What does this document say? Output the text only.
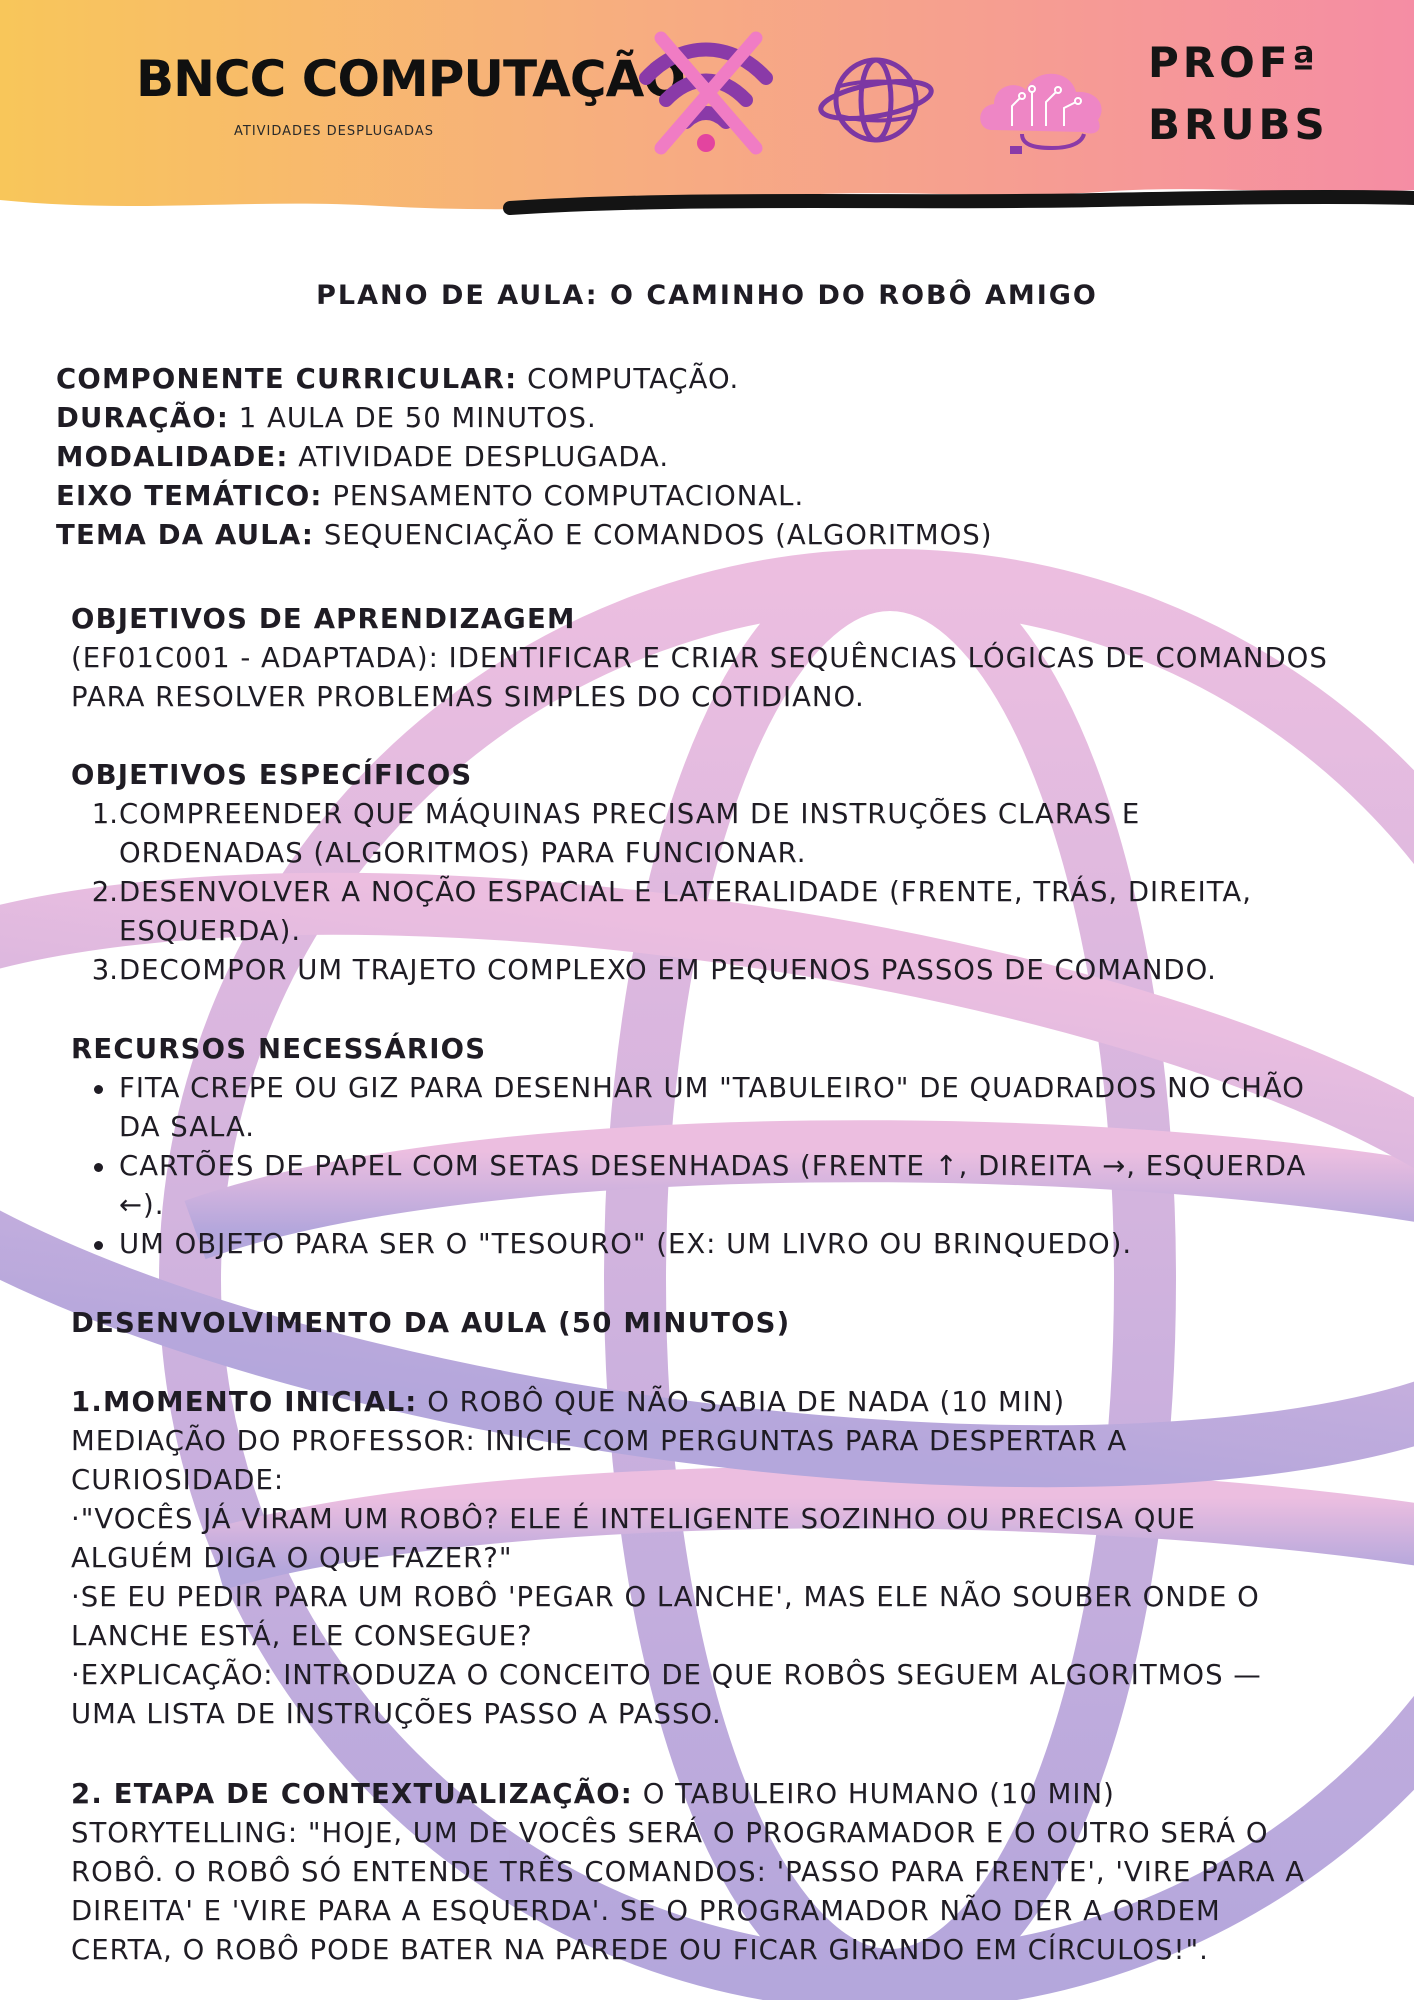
BNCC COMPUTAÇÃO
ATIVIDADES DESPLUGADAS
PROFª
BRUBS
PLANO DE AULA: O CAMINHO DO ROBÔ AMIGO
COMPONENTE CURRICULAR: COMPUTAÇÃO.
DURAÇÃO: 1 AULA DE 50 MINUTOS.
MODALIDADE: ATIVIDADE DESPLUGADA.
EIXO TEMÁTICO: PENSAMENTO COMPUTACIONAL.
TEMA DA AULA: SEQUENCIAÇÃO E COMANDOS (ALGORITMOS)
OBJETIVOS DE APRENDIZAGEM
(EF01C001 - ADAPTADA): IDENTIFICAR E CRIAR SEQUÊNCIAS LÓGICAS DE COMANDOS
PARA RESOLVER PROBLEMAS SIMPLES DO COTIDIANO.
OBJETIVOS ESPECÍFICOS
1. COMPREENDER QUE MÁQUINAS PRECISAM DE INSTRUÇÕES CLARAS E
ORDENADAS (ALGORITMOS) PARA FUNCIONAR.
2. DESENVOLVER A NOÇÃO ESPACIAL E LATERALIDADE (FRENTE, TRÁS, DIREITA,
ESQUERDA).
3. DECOMPOR UM TRAJETO COMPLEXO EM PEQUENOS PASSOS DE COMANDO.
RECURSOS NECESSÁRIOS
FITA CREPE OU GIZ PARA DESENHAR UM "TABULEIRO" DE QUADRADOS NO CHÃO
DA SALA.
CARTÕES DE PAPEL COM SETAS DESENHADAS (FRENTE ↑, DIREITA →, ESQUERDA
←).
UM OBJETO PARA SER O "TESOURO" (EX: UM LIVRO OU BRINQUEDO).
DESENVOLVIMENTO DA AULA (50 MINUTOS)
1.MOMENTO INICIAL: O ROBÔ QUE NÃO SABIA DE NADA (10 MIN)
MEDIAÇÃO DO PROFESSOR: INICIE COM PERGUNTAS PARA DESPERTAR A
CURIOSIDADE:
·"VOCÊS JÁ VIRAM UM ROBÔ? ELE É INTELIGENTE SOZINHO OU PRECISA QUE
ALGUÉM DIGA O QUE FAZER?"
·SE EU PEDIR PARA UM ROBÔ 'PEGAR O LANCHE', MAS ELE NÃO SOUBER ONDE O
LANCHE ESTÁ, ELE CONSEGUE?
·EXPLICAÇÃO: INTRODUZA O CONCEITO DE QUE ROBÔS SEGUEM ALGORITMOS —
UMA LISTA DE INSTRUÇÕES PASSO A PASSO.
2. ETAPA DE CONTEXTUALIZAÇÃO: O TABULEIRO HUMANO (10 MIN)
STORYTELLING: "HOJE, UM DE VOCÊS SERÁ O PROGRAMADOR E O OUTRO SERÁ O
ROBÔ. O ROBÔ SÓ ENTENDE TRÊS COMANDOS: 'PASSO PARA FRENTE', 'VIRE PARA A
DIREITA' E 'VIRE PARA A ESQUERDA'. SE O PROGRAMADOR NÃO DER A ORDEM
CERTA, O ROBÔ PODE BATER NA PAREDE OU FICAR GIRANDO EM CÍRCULOS!".
